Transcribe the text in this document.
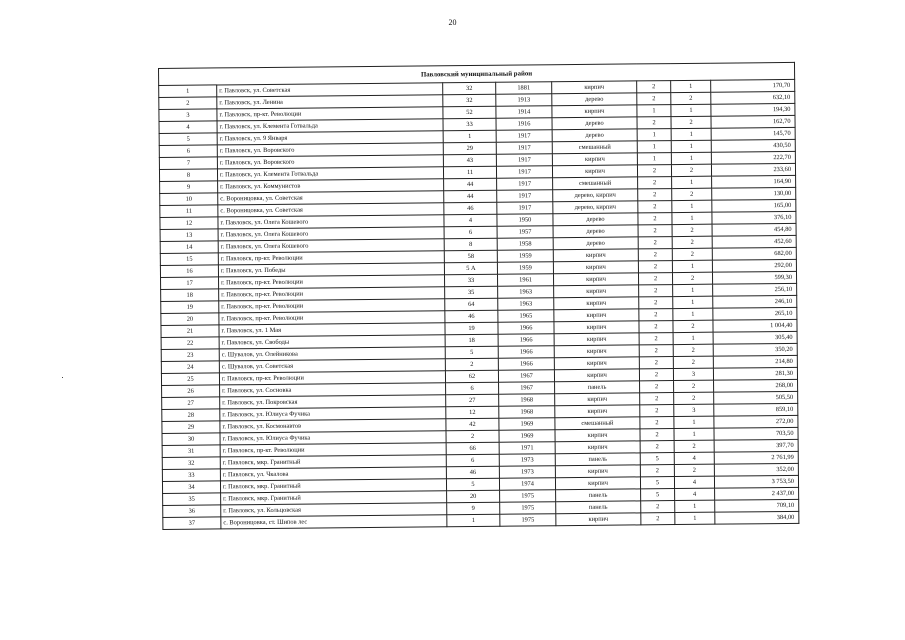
20
Павловский муниципальный район							
1	г. Павловск, ул. Советская	32	1881	кирпич	2	1	170,70
2	г. Павловск, ул. Ленина	32	1913	дерево	2	2	632,10
3	г. Павловск, пр-кт. Революции	52	1914	кирпич	1	1	194,30
4	г. Павловск, ул. Клемента Готвальда	33	1916	дерево	2	2	162,70
5	г. Павловск, ул. 9 Января	1	1917	дерево	1	1	145,70
6	г. Павловск, ул. Воровского	29	1917	смешанный	1	1	430,50
7	г. Павловск, ул. Воровского	43	1917	кирпич	1	1	222,70
8	г. Павловск, ул. Клемента Готвальда	11	1917	кирпич	2	2	233,60
9	г. Павловск, ул. Коммунистов	44	1917	смешанный	2	1	164,90
10	с. Вороницовка, ул. Советская	44	1917	дерево, кирпич	2	2	130,00
11	с. Вороницовка, ул. Советская	46	1917	дерево, кирпич	2	1	165,00
12	г. Павловск, ул. Олега Кошевого	4	1950	дерево	2	1	376,10
13	г. Павловск, ул. Олега Кошевого	6	1957	дерево	2	2	454,80
14	г. Павловск, ул. Олега Кошевого	8	1958	дерево	2	2	452,60
15	г. Павловск, пр-кт. Революции	58	1959	кирпич	2	2	682,00
16	г. Павловск, ул. Победы	5 А	1959	кирпич	2	1	292,00
17	г. Павловск, пр-кт. Революции	33	1961	кирпич	2	2	599,30
18	г. Павловск, пр-кт. Революции	35	1963	кирпич	2	1	256,10
19	г. Павловск, пр-кт. Революции	64	1963	кирпич	2	1	246,10
20	г. Павловск, пр-кт. Революции	46	1965	кирпич	2	1	265,10
21	г. Павловск, ул. 1 Мая	19	1966	кирпич	2	2	1 004,40
22	г. Павловск, ул. Свободы	18	1966	кирпич	2	1	305,40
23	с. Шувалов, ул. Олейникова	5	1966	кирпич	2	2	350,20
24	с. Шувалов, ул. Советская	2	1966	кирпич	2	2	214,80
25	г. Павловск, пр-кт. Революции	62	1967	кирпич	2	3	281,30
26	г. Павловск, ул. Сосновка	6	1967	панель	2	2	268,00
27	г. Павловск, ул. Покровская	27	1968	кирпич	2	2	505,50
28	г. Павловск, ул. Юлиуса Фучика	12	1968	кирпич	2	3	859,10
29	г. Павловск, ул. Космонавтов	42	1969	смешанный	2	1	272,00
30	г. Павловск, ул. Юлиуса Фучика	2	1969	кирпич	2	1	703,50
31	г. Павловск, пр-кт. Революции	66	1971	кирпич	2	2	397,70
32	г. Павловск, мкр. Гранитный	6	1973	панель	5	4	2 761,99
33	г. Павловск, ул. Чкалова	46	1973	кирпич	2	2	352,00
34	г. Павловск, мкр. Гранитный	5	1974	кирпич	5	4	3 753,50
35	г. Павловск, мкр. Гранитный	20	1975	панель	5	4	2 437,00
36	г. Павловск, ул. Кольцовская	9	1975	панель	2	1	709,10
37	с. Вороницовка, ст. Шипов лес	1	1975	кирпич	2	1	384,00
